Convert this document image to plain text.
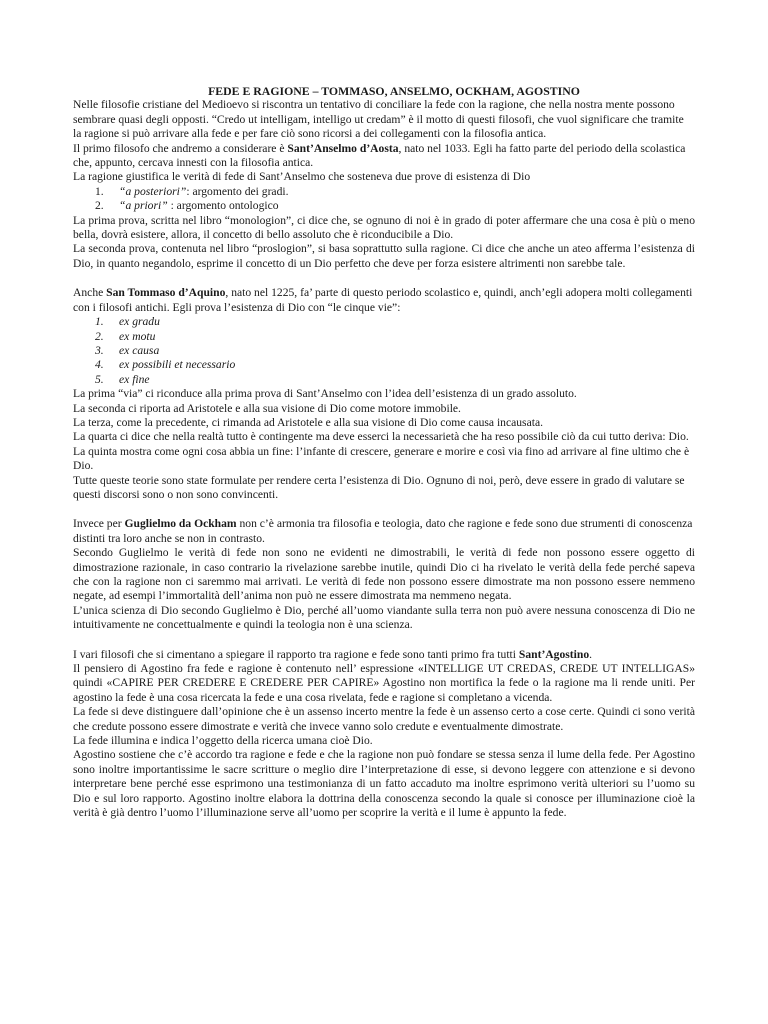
FEDE E RAGIONE – TOMMASO, ANSELMO, OCKHAM, AGOSTINO

Nelle filosofie cristiane del Medioevo si riscontra un tentativo di conciliare la fede con la ragione, che nella nostra mente possono sembrare quasi degli opposti. “Credo ut intelligam, intelligo ut credam” è il motto di questi filosofi, che vuol significare che tramite la ragione si può arrivare alla fede e per fare ciò sono ricorsi a dei collegamenti con la filosofia antica.

Il primo filosofo che andremo a considerare è Sant’Anselmo d’Aosta, nato nel 1033. Egli ha fatto parte del periodo della scolastica che, appunto, cercava innesti con la filosofia antica.

La ragione giustifica le verità di fede di Sant’Anselmo che sosteneva due prove di esistenza di Dio

1. “a posteriori”: argomento dei gradi.
2. “a priori” : argomento ontologico

La prima prova, scritta nel libro “monologion”, ci dice che, se ognuno di noi è in grado di poter affermare che una cosa è più o meno bella, dovrà esistere, allora, il concetto di bello assoluto che è riconducibile a Dio.

La seconda prova, contenuta nel libro “proslogion”, si basa soprattutto sulla ragione. Ci dice che anche un ateo afferma l’esistenza di Dio, in quanto negandolo, esprime il concetto di un Dio perfetto che deve per forza esistere altrimenti non sarebbe tale.

Anche San Tommaso d’Aquino, nato nel 1225, fa’ parte di questo periodo scolastico e, quindi, anch’egli adopera molti collegamenti con i filosofi antichi. Egli prova l’esistenza di Dio con “le cinque vie”:

1. ex gradu
2. ex motu
3. ex causa
4. ex possibili et necessario
5. ex fine

La prima “via” ci riconduce alla prima prova di Sant’Anselmo con l’idea dell’esistenza di un grado assoluto.

La seconda ci riporta ad Aristotele e alla sua visione di Dio come motore immobile.

La terza, come la precedente, ci rimanda ad Aristotele e alla sua visione di Dio come causa incausata.

La quarta ci dice che nella realtà tutto è contingente ma deve esserci la necessarietà che ha reso possibile ciò da cui tutto deriva: Dio.

La quinta mostra come ogni cosa abbia un fine: l’infante di crescere, generare e morire e così via fino ad arrivare al fine ultimo che è Dio.

Tutte queste teorie sono state formulate per rendere certa l’esistenza di Dio. Ognuno di noi, però, deve essere in grado di valutare se questi discorsi sono o non sono convincenti.

Invece per Guglielmo da Ockham non c’è armonia tra filosofia e teologia, dato che ragione e fede sono due strumenti di conoscenza distinti tra loro anche se non in contrasto.

Secondo Guglielmo le verità di fede non sono ne evidenti ne dimostrabili, le verità di fede non possono essere oggetto di dimostrazione razionale, in caso contrario la rivelazione sarebbe inutile, quindi Dio ci ha rivelato le verità della fede perché sapeva che con la ragione non ci saremmo mai arrivati. Le verità di fede non possono essere dimostrate ma non possono essere nemmeno negate, ad esempi l’immortalità dell’anima non può ne essere dimostrata ma nemmeno negata.

L’unica scienza di Dio secondo Guglielmo è Dio, perché all’uomo viandante sulla terra non può avere nessuna conoscenza di Dio ne intuitivamente ne concettualmente e quindi la teologia non è una scienza.

I vari filosofi che si cimentano a spiegare il rapporto tra ragione e fede sono tanti primo fra tutti Sant’Agostino.

Il pensiero di Agostino fra fede e ragione è contenuto nell’ espressione «INTELLIGE UT CREDAS, CREDE UT INTELLIGAS» quindi «CAPIRE PER CREDERE E CREDERE PER CAPIRE» Agostino non mortifica la fede o la ragione ma li rende uniti. Per agostino la fede è una cosa ricercata la fede e una cosa rivelata, fede e ragione si completano a vicenda.

La fede si deve distinguere dall’opinione che è un assenso incerto mentre la fede è un assenso certo a cose certe. Quindi ci sono verità che credute possono essere dimostrate e verità che invece vanno solo credute e eventualmente dimostrate.

La fede illumina e indica l’oggetto della ricerca umana cioè Dio.

Agostino sostiene che c’è accordo tra ragione e fede e che la ragione non può fondare se stessa senza il lume della fede. Per Agostino sono inoltre importantissime le sacre scritture o meglio dire l’interpretazione di esse, si devono leggere con attenzione e si devono interpretare bene perché esse esprimono una testimonianza di un fatto accaduto ma inoltre esprimono verità ulteriori su l’uomo su Dio e sul loro rapporto. Agostino inoltre elabora la dottrina della conoscenza secondo la quale si conosce per illuminazione cioè la verità è già dentro l’uomo l’illuminazione serve all’uomo per scoprire la verità e il lume è appunto la fede.
